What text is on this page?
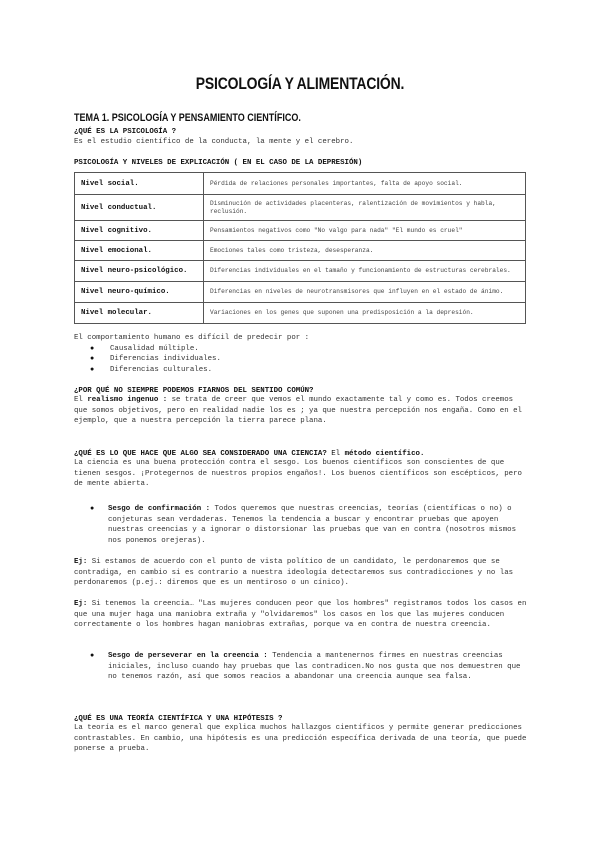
PSICOLOGÍA Y ALIMENTACIÓN.
TEMA 1. PSICOLOGÍA Y PENSAMIENTO CIENTÍFICO.
¿QUÉ ES LA PSICOLOGÍA ?
Es el estudio científico de la conducta, la mente y el cerebro.
PSICOLOGÍA Y NIVELES DE EXPLICACIÓN ( EN EL CASO DE LA DEPRESIÓN)
Nivel social.	Pérdida de relaciones personales importantes, falta de apoyo social.
Nivel conductual.	Disminución de actividades placenteras, ralentización de movimientos y habla, reclusión.
Nivel cognitivo.	Pensamientos negativos como "No valgo para nada" "El mundo es cruel"
Nivel emocional.	Emociones tales como tristeza, desesperanza.
Nivel neuro-psicológico.	Diferencias individuales en el tamaño y funcionamiento de estructuras cerebrales.
Nivel neuro-químico.	Diferencias en niveles de neurotransmisores que influyen en el estado de ánimo.
Nivel molecular.	Variaciones en los genes que suponen una predisposición a la depresión.
El comportamiento humano es difícil de predecir por :
● Causalidad múltiple.
● Diferencias individuales.
● Diferencias culturales.
¿POR QUÉ NO SIEMPRE PODEMOS FIARNOS DEL SENTIDO COMÚN?
El realismo ingenuo : se trata de creer que vemos el mundo exactamente tal y como es. Todos creemos que somos objetivos, pero en realidad nadie los es ; ya que nuestra percepción nos engaña. Como en el ejemplo, que a nuestra percepción la tierra parece plana.
¿QUÉ ES LO QUE HACE QUE ALGO SEA CONSIDERADO UNA CIENCIA? El método científico.
La ciencia es una buena protección contra el sesgo. Los buenos científicos son conscientes de que tienen sesgos. ¡Protegernos de nuestros propios engaños!. Los buenos científicos son escépticos, pero de mente abierta.
● Sesgo de confirmación : Todos queremos que nuestras creencias, teorías (científicas o no) o conjeturas sean verdaderas. Tenemos la tendencia a buscar y encontrar pruebas que apoyen nuestras creencias y a ignorar o distorsionar las pruebas que van en contra (nosotros mismos nos ponemos orejeras).
Ej: Si estamos de acuerdo con el punto de vista político de un candidato, le perdonaremos que se contradiga, en cambio si es contrario a nuestra ideología detectaremos sus contradicciones y no las perdonaremos (p.ej.: diremos que es un mentiroso o un cínico).
Ej: Si tenemos la creencia… "Las mujeres conducen peor que los hombres" registramos todos los casos en que una mujer haga una maniobra extraña y "olvidaremos" los casos en los que las mujeres conducen correctamente o los hombres hagan maniobras extrañas, porque va en contra de nuestra creencia.
● Sesgo de perseverar en la creencia : Tendencia a mantenernos firmes en nuestras creencias iniciales, incluso cuando hay pruebas que las contradicen.No nos gusta que nos demuestren que no tenemos razón, así que somos reacios a abandonar una creencia aunque sea falsa.
¿QUÉ ES UNA TEORÍA CIENTÍFICA Y UNA HIPÓTESIS ?
La teoría es el marco general que explica muchos hallazgos científicos y permite generar predicciones contrastables. En cambio, una hipótesis es una predicción específica derivada de una teoría, que puede ponerse a prueba.
